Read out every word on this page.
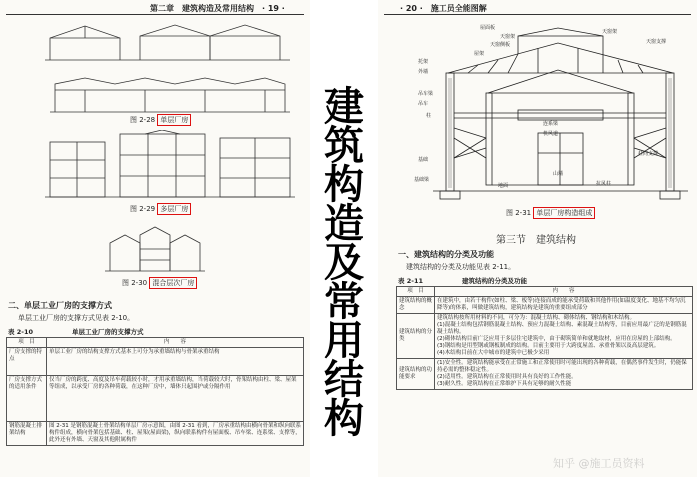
第二章　建筑构造及常用结构　· 19 ·
图 2-28 单层厂房
图 2-29 多层厂房
图 2-30 混合层次厂房
二、单层工业厂房的支撑方式
单层工业厂房的支撑方式见表 2-10。
表 2-10　　　　　　单层工业厂房的支撑方式
项　目	内　　容
厂房支撑的特点	单层工业厂房的结构支撑方式基本上可分为承重墙结构与骨架承重结构
厂房支撑方式的适用条件	仅当厂房的跨度、高度及吊车荷载较小时，才用承重墙结构，当荷载较大时，骨架结构由柱、梁、屋架等组成，以承受厂房的各种荷载，在这种厂房中，墙体只起围护或分隔作用
钢筋混凝土排架结构	图 2-31 是钢筋混凝土骨架结构单层厂房示意图，由图 2-31 看到，厂房承重结构由横向骨架和纵向联系构件组成，横向骨架包括基础、柱、屋架(屋面梁)，纵向联系构件有屋面板、吊车梁、连系梁、支撑等，此外还有外墙、天窗及其他附属构件
建
筑
构
造
及
常
用
结
构
· 20 ·　施工员全能图解
屋面板
天窗架
天窗侧板
屋架
托架
外墙
天窗架
天窗支撑
吊车梁
吊车
柱
基础
基础梁
地面
连系梁
机风道
山墙
抗风柱
柱间支撑
图 2-31 单层厂房构造组成
第三节　建筑结构
一、建筑结构的分类及功能
建筑结构的分类及功能见表 2-11。
表 2-11　　　　　　建筑结构的分类及功能
项　目	内　　容
建筑结构的概念	在建筑中，由若干构件(如柱、梁、板等)连接而成的能承受荷载和其他作用(如温度变化、地基不均匀沉降等)的体系，叫做建筑结构，建筑结构是建筑的重要组成部分
建筑结构的分类	建筑结构按所用材料的不同，可分为：混凝土结构、砌体结构、钢结构和木结构。
(1)混凝土结构包括钢筋混凝土结构、预应力混凝土结构、素混凝土结构等，目前应用最广泛的是钢筋混凝土结构。
(2)砌体结构目前广泛应用于多层住宅建筑中，由于砌筑简单和就地取材，应用在房屋的上部结构。
(3)钢结构是用型钢或钢板制成的结构。目前主要用于大跨度屋盖、承重骨架以及高层建筑。
(4)木结构目前在大中城市的建筑中已极少采用
建筑结构的功能要求	(1)安全性。建筑结构能承受在正常施工和正常使用时可能出现的各种荷载，在偶然事件发生时，仍能保持必需的整体稳定性。
(2)适用性。建筑结构在正常使用时具有良好的工作性能。
(3)耐久性。建筑结构在正常维护下具有足够的耐久性能
知乎 @施工员资料
